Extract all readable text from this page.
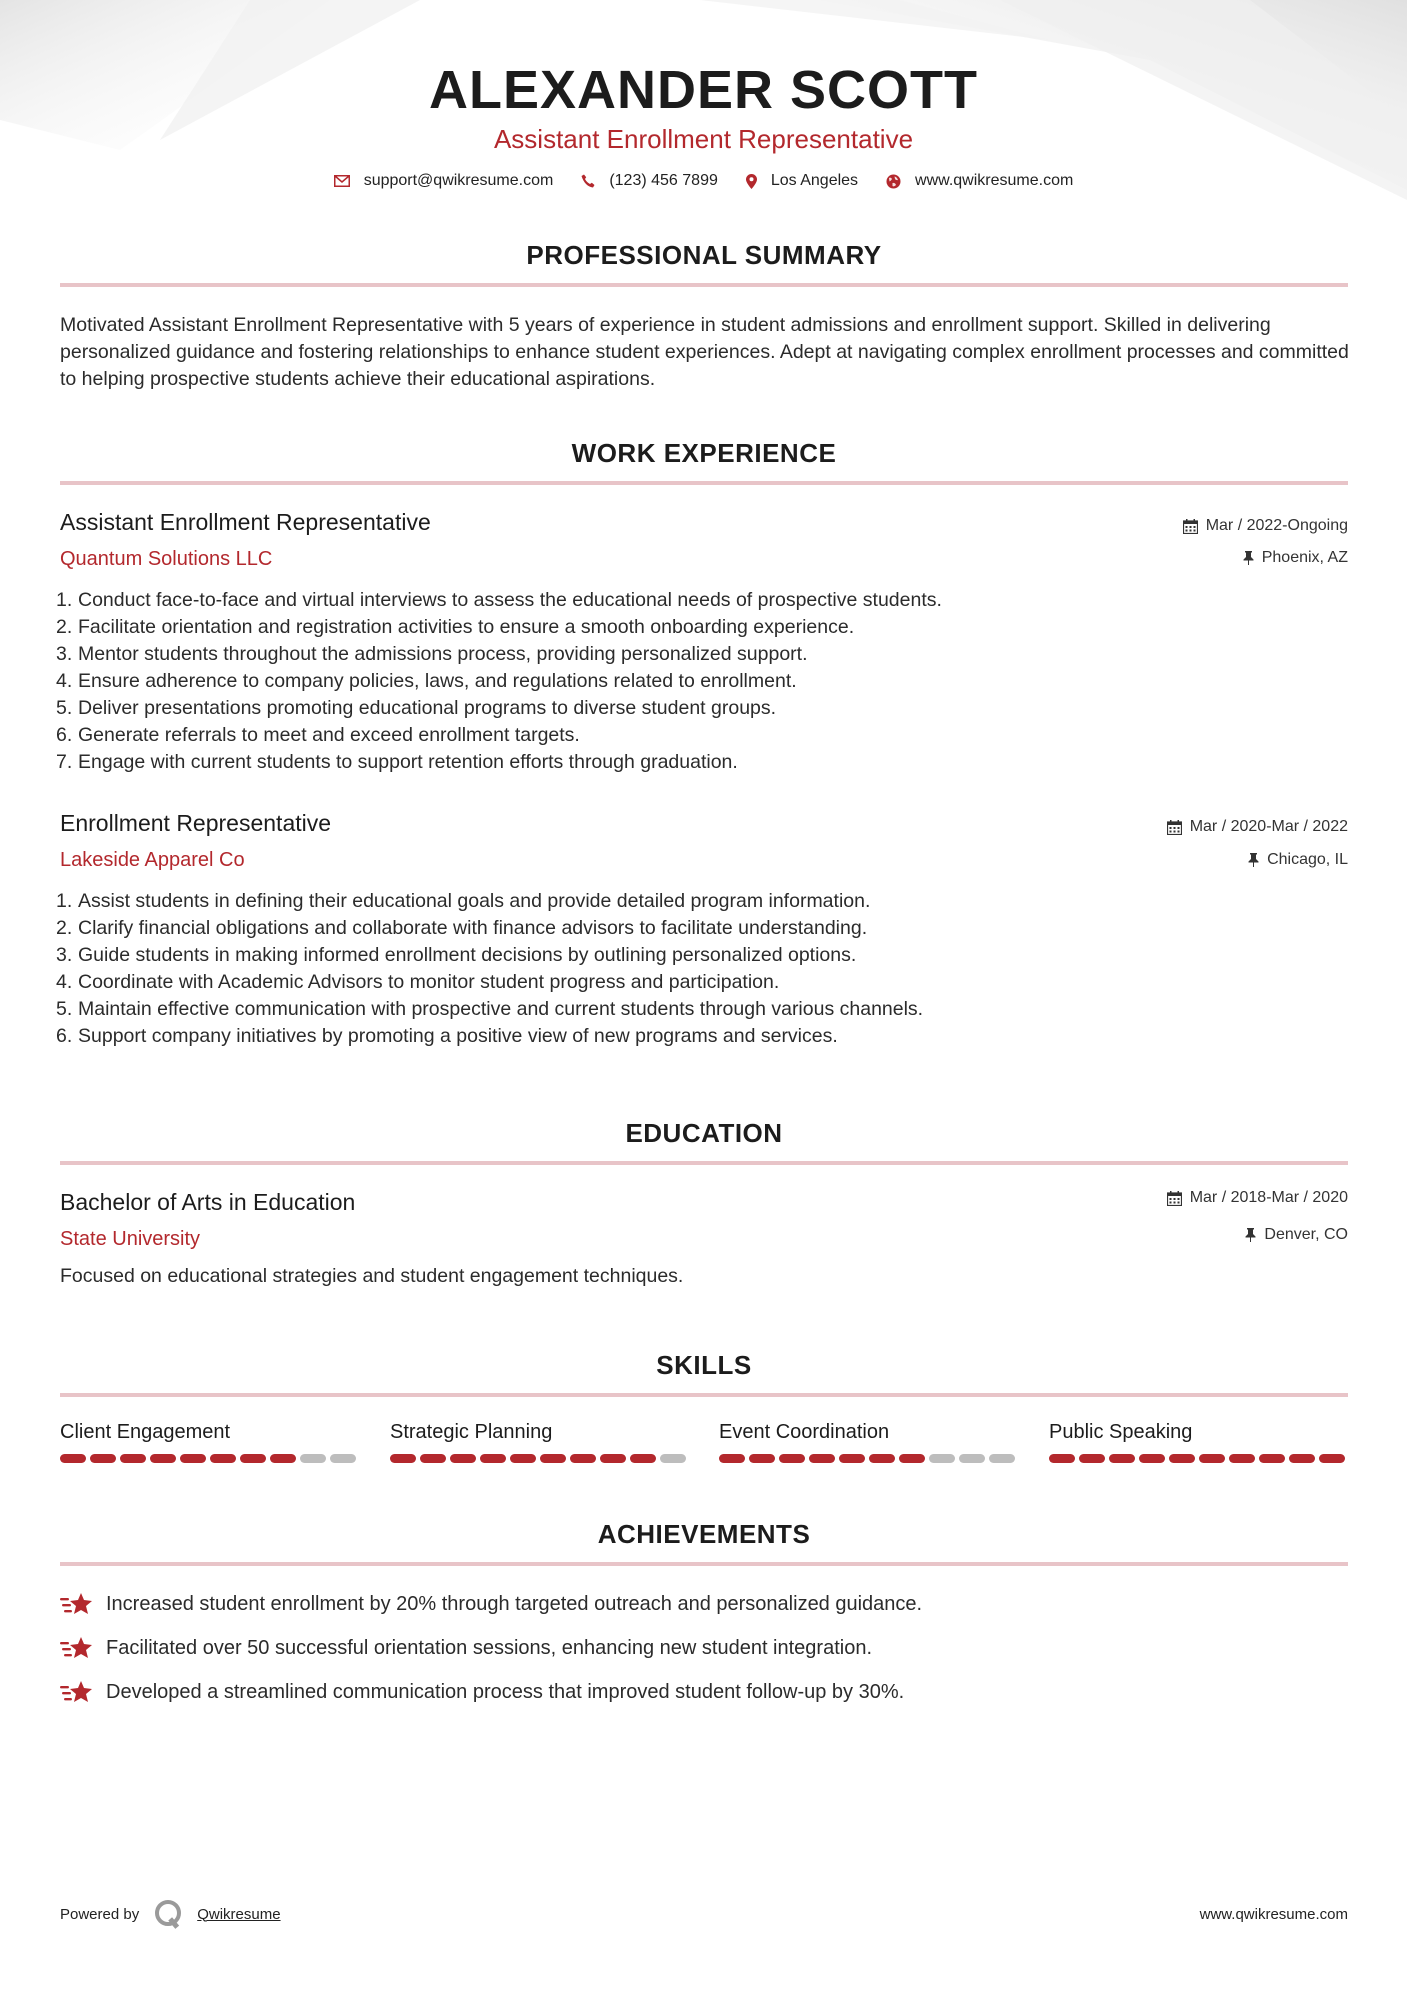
ALEXANDER SCOTT
Assistant Enrollment Representative
support@qwikresume.com	(123) 456 7899	Los Angeles	www.qwikresume.com
PROFESSIONAL SUMMARY
Motivated Assistant Enrollment Representative with 5 years of experience in student admissions and enrollment support. Skilled in delivering personalized guidance and fostering relationships to enhance student experiences. Adept at navigating complex enrollment processes and committed to helping prospective students achieve their educational aspirations.
WORK EXPERIENCE
Assistant Enrollment Representative
Quantum Solutions LLC
Mar / 2022-Ongoing
Phoenix, AZ
1. Conduct face-to-face and virtual interviews to assess the educational needs of prospective students.
2. Facilitate orientation and registration activities to ensure a smooth onboarding experience.
3. Mentor students throughout the admissions process, providing personalized support.
4. Ensure adherence to company policies, laws, and regulations related to enrollment.
5. Deliver presentations promoting educational programs to diverse student groups.
6. Generate referrals to meet and exceed enrollment targets.
7. Engage with current students to support retention efforts through graduation.
Enrollment Representative
Lakeside Apparel Co
Mar / 2020-Mar / 2022
Chicago, IL
1. Assist students in defining their educational goals and provide detailed program information.
2. Clarify financial obligations and collaborate with finance advisors to facilitate understanding.
3. Guide students in making informed enrollment decisions by outlining personalized options.
4. Coordinate with Academic Advisors to monitor student progress and participation.
5. Maintain effective communication with prospective and current students through various channels.
6. Support company initiatives by promoting a positive view of new programs and services.
EDUCATION
Bachelor of Arts in Education
State University
Mar / 2018-Mar / 2020
Denver, CO
Focused on educational strategies and student engagement techniques.
SKILLS
Client Engagement	Strategic Planning	Event Coordination	Public Speaking
ACHIEVEMENTS
Increased student enrollment by 20% through targeted outreach and personalized guidance.
Facilitated over 50 successful orientation sessions, enhancing new student integration.
Developed a streamlined communication process that improved student follow-up by 30%.
Powered by	Qwikresume	www.qwikresume.com
